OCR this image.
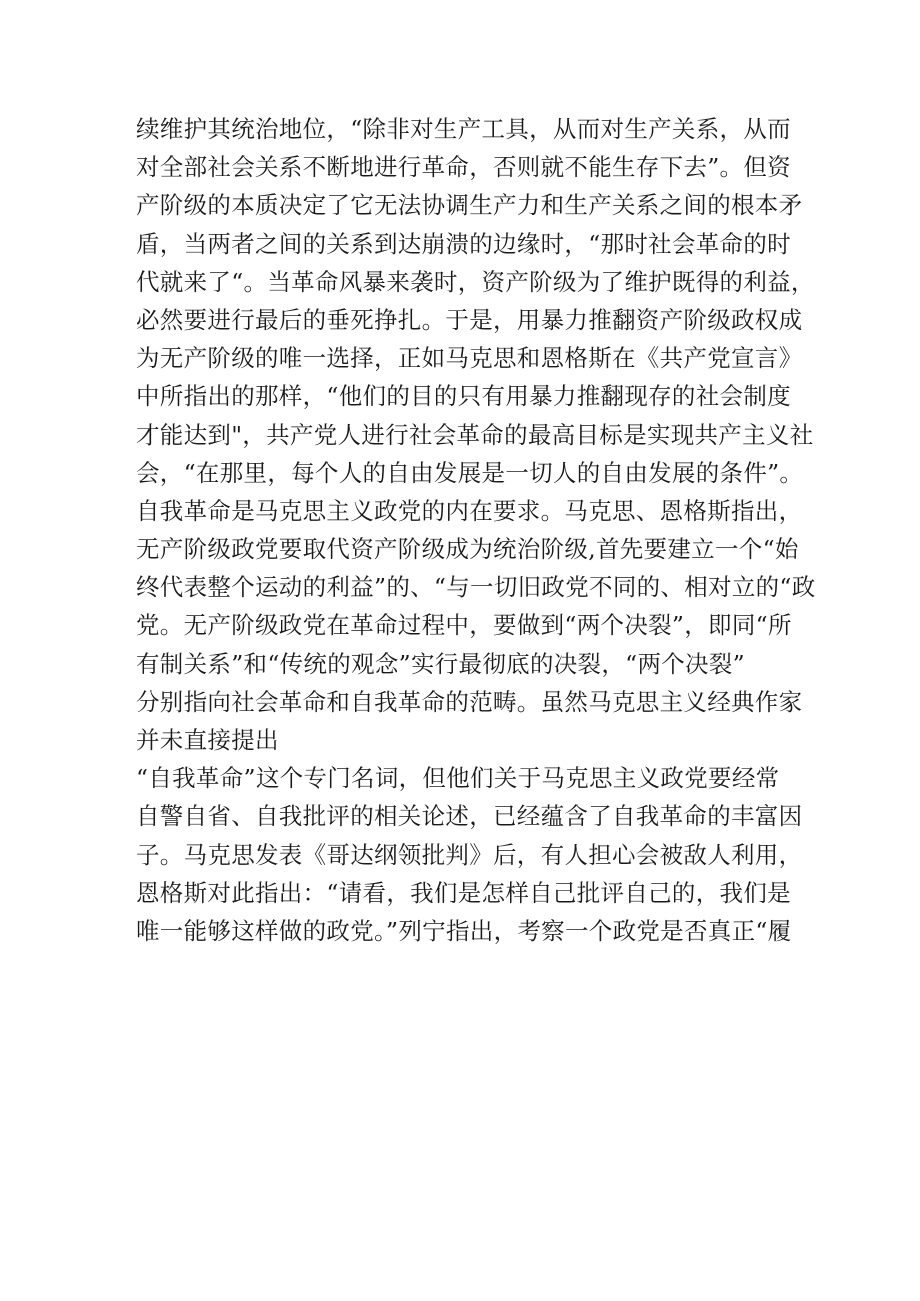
续维护其统治地位，“除非对生产工具，从而对生产关系，从而
对全部社会关系不断地进行革命，否则就不能生存下去”。但资
产阶级的本质决定了它无法协调生产力和生产关系之间的根本矛
盾，当两者之间的关系到达崩溃的边缘时，“那时社会革命的时
代就来了“。当革命风暴来袭时，资产阶级为了维护既得的利益，
必然要进行最后的垂死挣扎。于是，用暴力推翻资产阶级政权成
为无产阶级的唯一选择，正如马克思和恩格斯在《共产党宣言》
中所指出的那样，“他们的目的只有用暴力推翻现存的社会制度
才能达到"，共产党人进行社会革命的最高目标是实现共产主义社
会，“在那里，每个人的自由发展是一切人的自由发展的条件”。
自我革命是马克思主义政党的内在要求。马克思、恩格斯指出，
无产阶级政党要取代资产阶级成为统治阶级,首先要建立一个“始
终代表整个运动的利益”的、“与一切旧政党不同的、相对立的“政
党。无产阶级政党在革命过程中，要做到“两个决裂”，即同“所
有制关系”和“传统的观念”实行最彻底的决裂，“两个决裂”
分别指向社会革命和自我革命的范畴。虽然马克思主义经典作家
并未直接提出
“自我革命”这个专门名词，但他们关于马克思主义政党要经常
自警自省、自我批评的相关论述，已经蕴含了自我革命的丰富因
子。马克思发表《哥达纲领批判》后，有人担心会被敌人利用，
恩格斯对此指出：“请看，我们是怎样自己批评自己的，我们是
唯一能够这样做的政党。”列宁指出，考察一个政党是否真正“履
